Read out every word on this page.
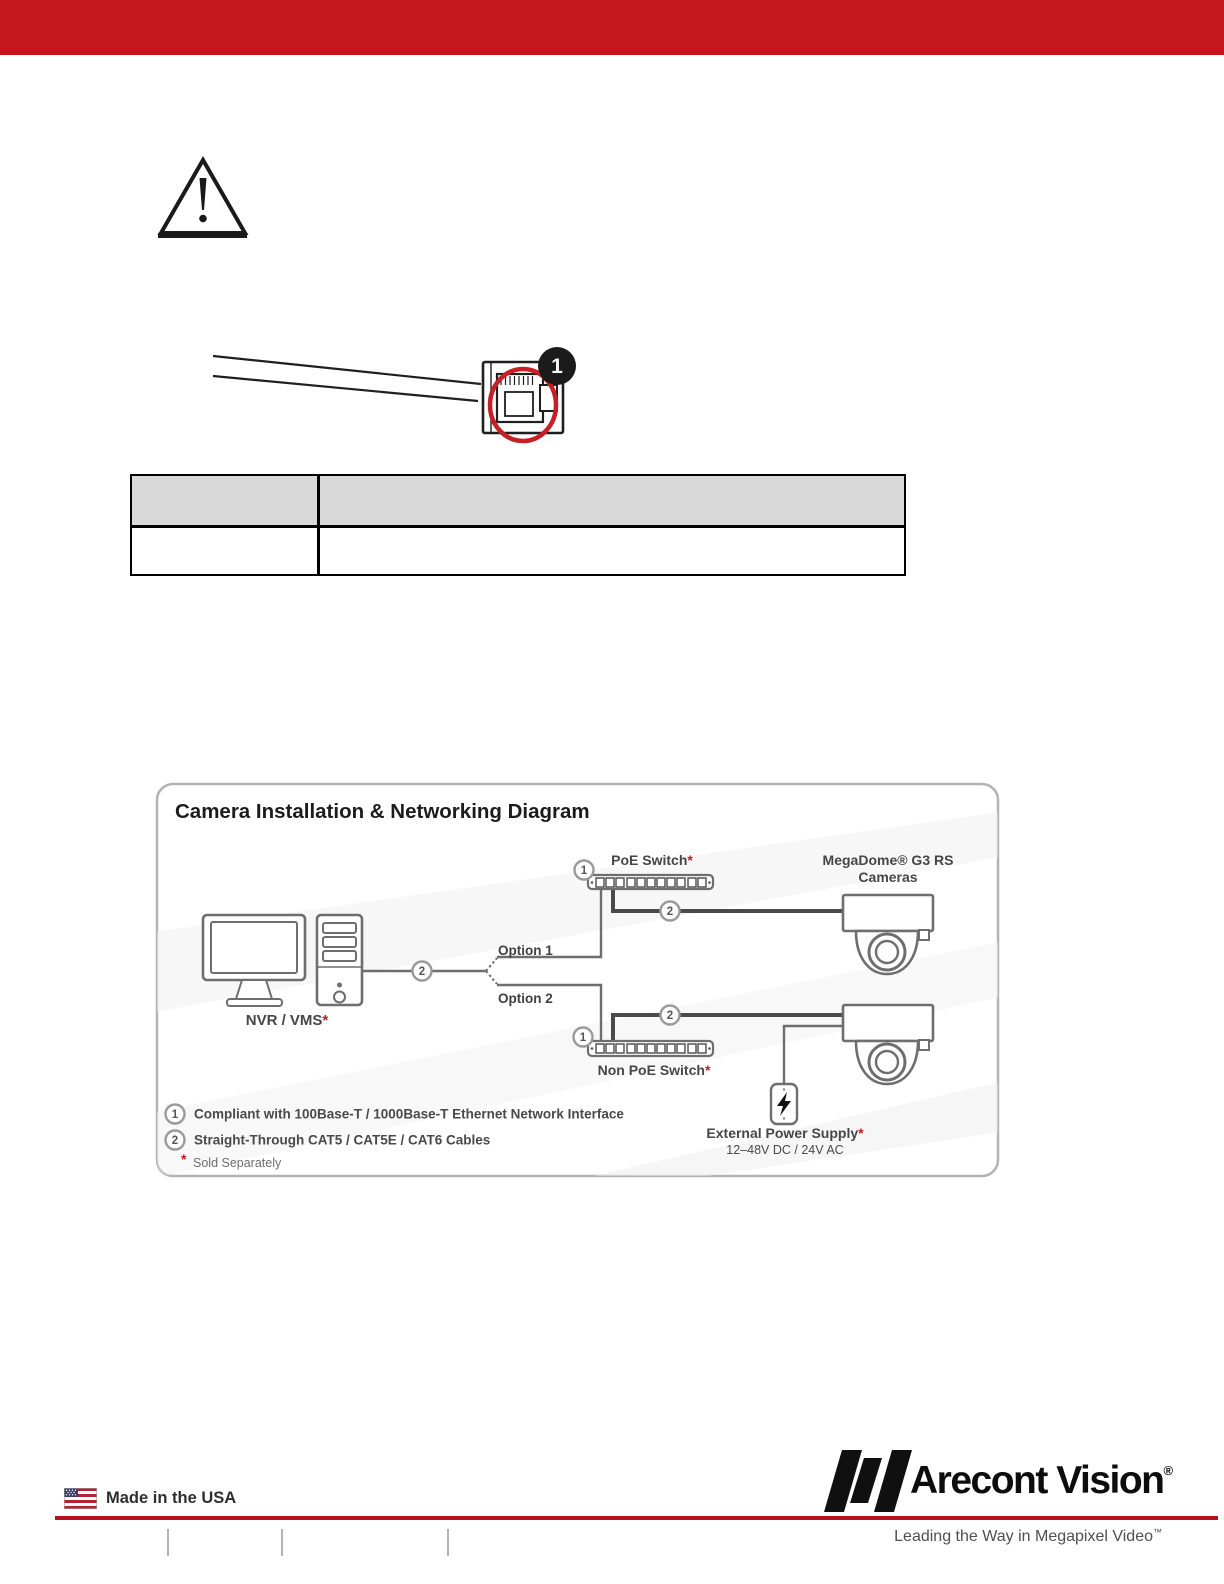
1
Camera Installation & Networking Diagram
PoE Switch*
Non PoE Switch*
MegaDome® G3 RS
Cameras
NVR / VMS*
Option 1
Option 2
External Power Supply*
12–48V DC / 24V AC
1
2
2
2
1
1 Compliant with 100Base-T / 1000Base-T Ethernet Network Interface
2 Straight-Through CAT5 / CAT5E / CAT6 Cables
* Sold Separately
Made in the USA	Arecont Vision®
Leading the Way in Megapixel Video™
